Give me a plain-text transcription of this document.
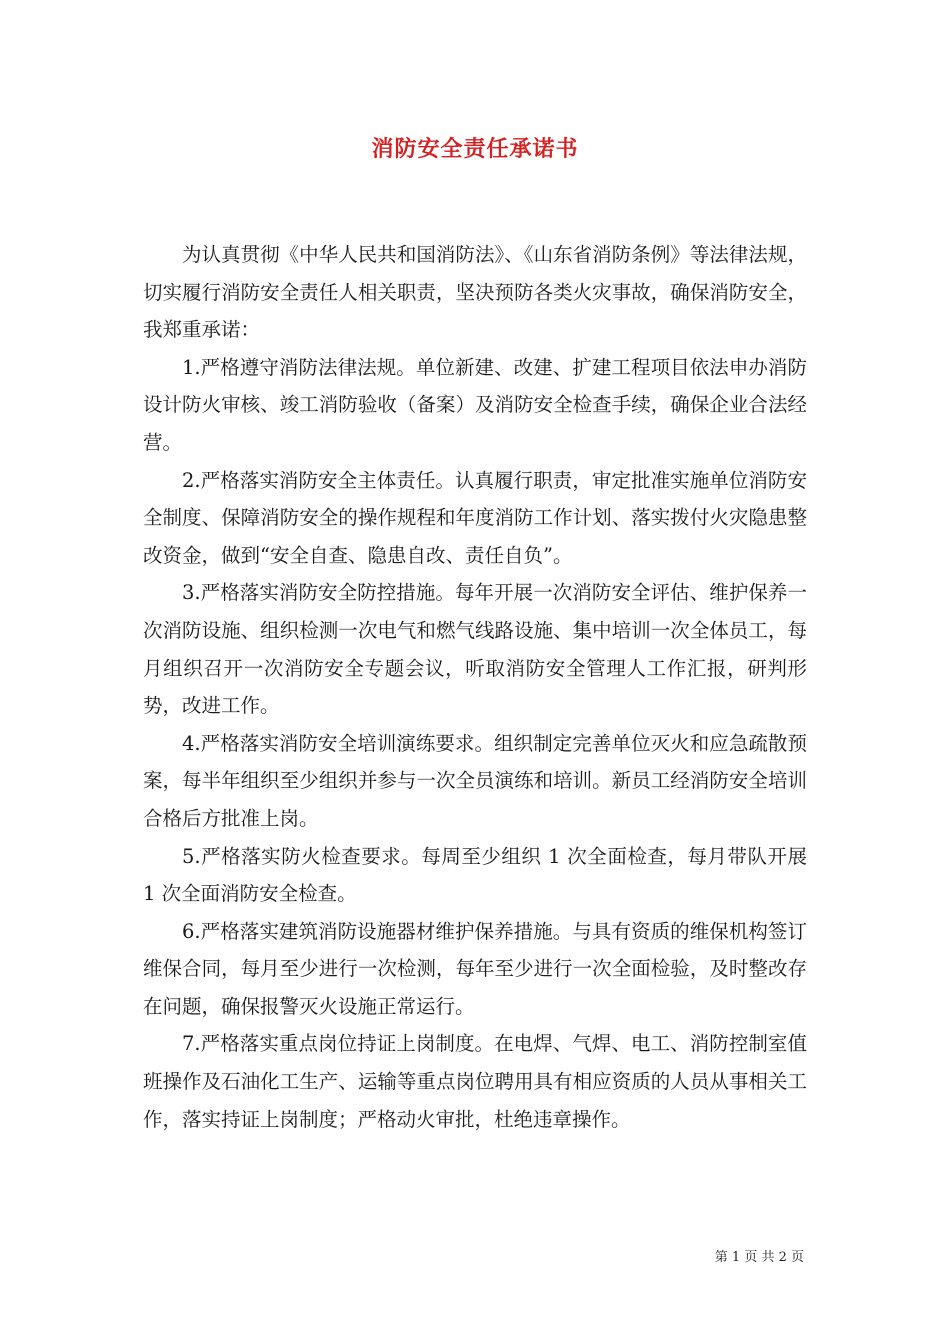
消防安全责任承诺书

为认真贯彻《中华人民共和国消防法》、《山东省消防条例》等法律法规，切实履行消防安全责任人相关职责，坚决预防各类火灾事故，确保消防安全，我郑重承诺：

1.严格遵守消防法律法规。单位新建、改建、扩建工程项目依法申办消防设计防火审核、竣工消防验收（备案）及消防安全检查手续，确保企业合法经营。

2.严格落实消防安全主体责任。认真履行职责，审定批准实施单位消防安全制度、保障消防安全的操作规程和年度消防工作计划、落实拨付火灾隐患整改资金，做到“安全自查、隐患自改、责任自负”。

3.严格落实消防安全防控措施。每年开展一次消防安全评估、维护保养一次消防设施、组织检测一次电气和燃气线路设施、集中培训一次全体员工，每月组织召开一次消防安全专题会议，听取消防安全管理人工作汇报，研判形势，改进工作。

4.严格落实消防安全培训演练要求。组织制定完善单位灭火和应急疏散预案，每半年组织至少组织并参与一次全员演练和培训。新员工经消防安全培训合格后方批准上岗。

5.严格落实防火检查要求。每周至少组织 1 次全面检查，每月带队开展 1 次全面消防安全检查。

6.严格落实建筑消防设施器材维护保养措施。与具有资质的维保机构签订维保合同，每月至少进行一次检测，每年至少进行一次全面检验，及时整改存在问题，确保报警灭火设施正常运行。

7.严格落实重点岗位持证上岗制度。在电焊、气焊、电工、消防控制室值班操作及石油化工生产、运输等重点岗位聘用具有相应资质的人员从事相关工作，落实持证上岗制度；严格动火审批，杜绝违章操作。

第 1 页 共 2 页
